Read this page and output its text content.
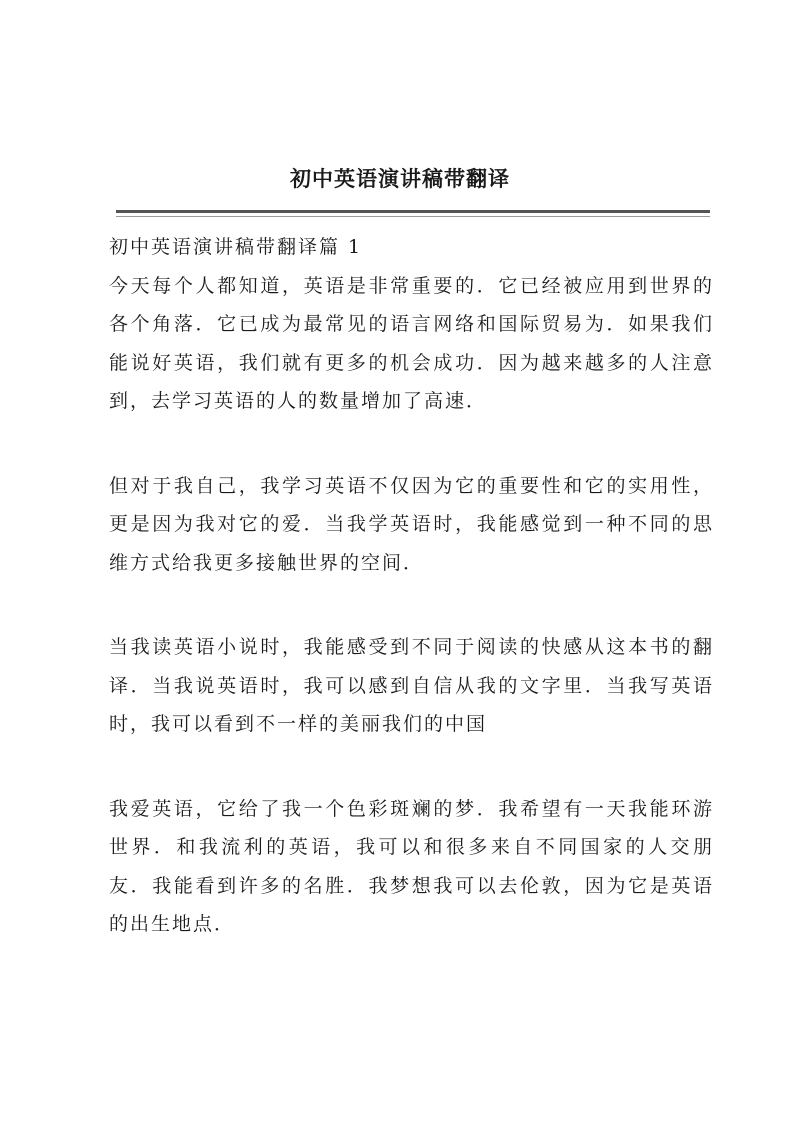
初中英语演讲稿带翻译

初中英语演讲稿带翻译篇 1

今天每个人都知道，英语是非常重要的．它已经被应用到世界的各个角落．它已成为最常见的语言网络和国际贸易为．如果我们能说好英语，我们就有更多的机会成功．因为越来越多的人注意到，去学习英语的人的数量增加了高速．

但对于我自己，我学习英语不仅因为它的重要性和它的实用性，更是因为我对它的爱．当我学英语时，我能感觉到一种不同的思维方式给我更多接触世界的空间．

当我读英语小说时，我能感受到不同于阅读的快感从这本书的翻译．当我说英语时，我可以感到自信从我的文字里．当我写英语时，我可以看到不一样的美丽我们的中国

我爱英语，它给了我一个色彩斑斓的梦．我希望有一天我能环游世界．和我流利的英语，我可以和很多来自不同国家的人交朋友．我能看到许多的名胜．我梦想我可以去伦敦，因为它是英语的出生地点．
